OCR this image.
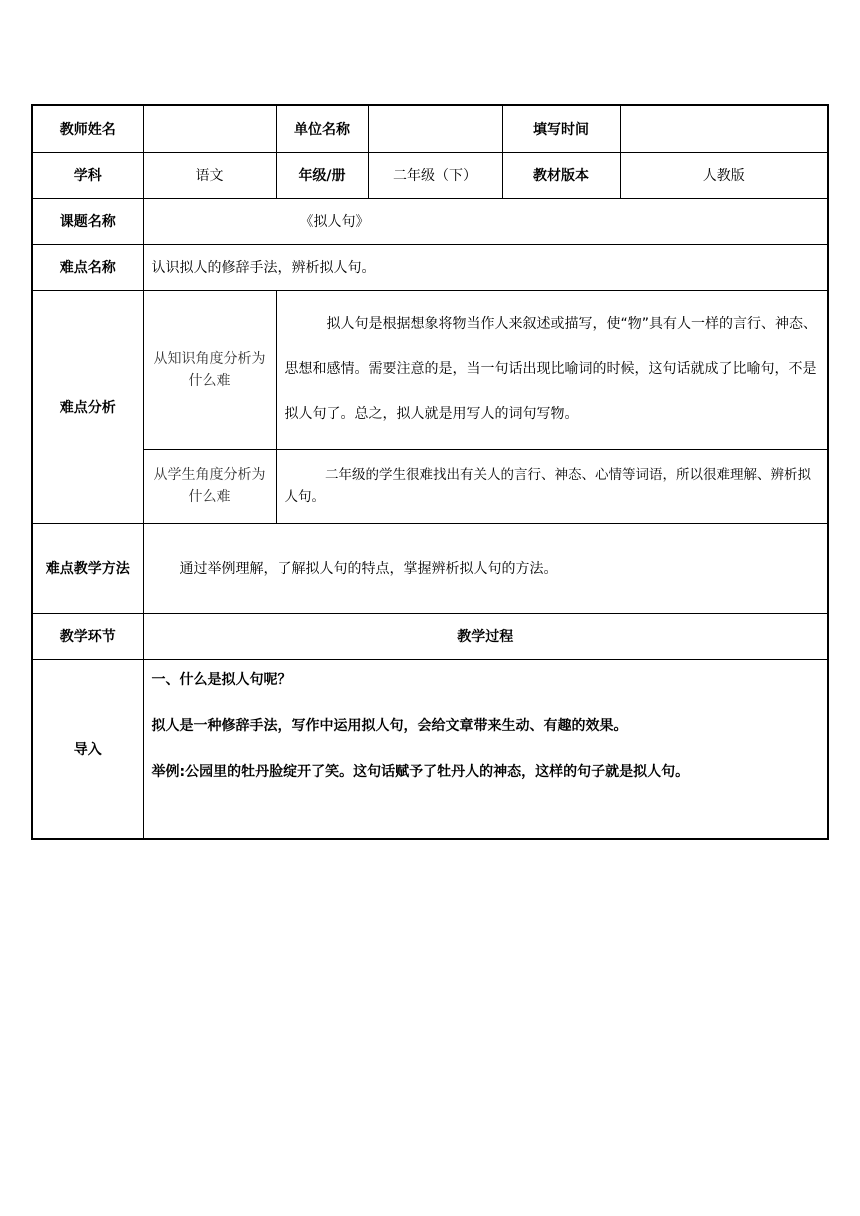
教师姓名		单位名称		填写时间	
学科	语文	年级/册	二年级（下）	教材版本	人教版
课题名称	《拟人句》				
难点名称	认识拟人的修辞手法，辨析拟人句。				
难点分析	从知识角度分析为什么难	拟人句是根据想象将物当作人来叙述或描写，使“物”具有人一样的言行、神态、思想和感情。需要注意的是，当一句话出现比喻词的时候，这句话就成了比喻句，不是拟人句了。总之，拟人就是用写人的词句写物。			

	从学生角度分析为什么难	二年级的学生很难找出有关人的言行、神态、心情等词语，所以很难理解、辨析拟人句。			

难点教学方法	通过举例理解，了解拟人句的特点，掌握辨析拟人句的方法。				

教学环节	教学过程				
导入	一、什么是拟人句呢？

拟人是一种修辞手法，写作中运用拟人句，会给文章带来生动、有趣的效果。

举例:公园里的牡丹脸绽开了笑。这句话赋予了牡丹人的神态，这样的句子就是拟人句。				
